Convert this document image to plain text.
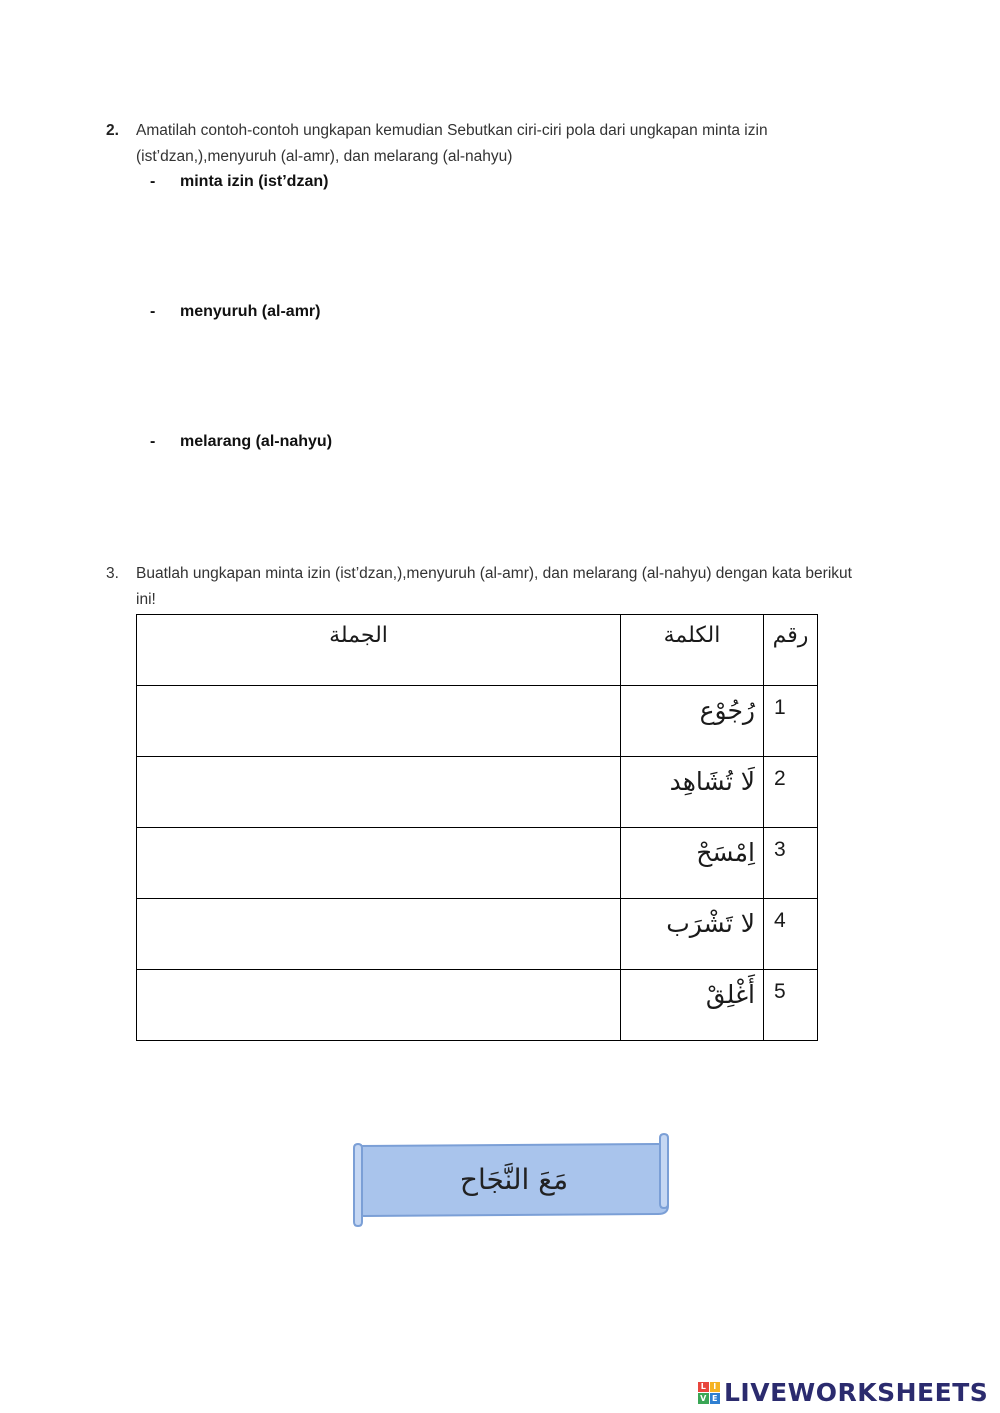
2. Amatilah contoh-contoh ungkapan kemudian Sebutkan ciri-ciri pola dari ungkapan minta izin (ist’dzan,),menyuruh (al-amr), dan melarang (al-nahyu)
- minta izin (ist’dzan)
- menyuruh (al-amr)
- melarang (al-nahyu)
3. Buatlah ungkapan minta izin (ist’dzan,),menyuruh (al-amr), dan melarang (al-nahyu) dengan kata berikut ini!
رقم	الكلمة	الجملة

1	رُجُوْع	

2	لَا تُشَاهِد	

3	اِمْسَحْ	

4	لا تَشْرَب	

5	أَغْلِقْ	

مَعَ النَّجَاح
L I
V E LIVEWORKSHEETS
